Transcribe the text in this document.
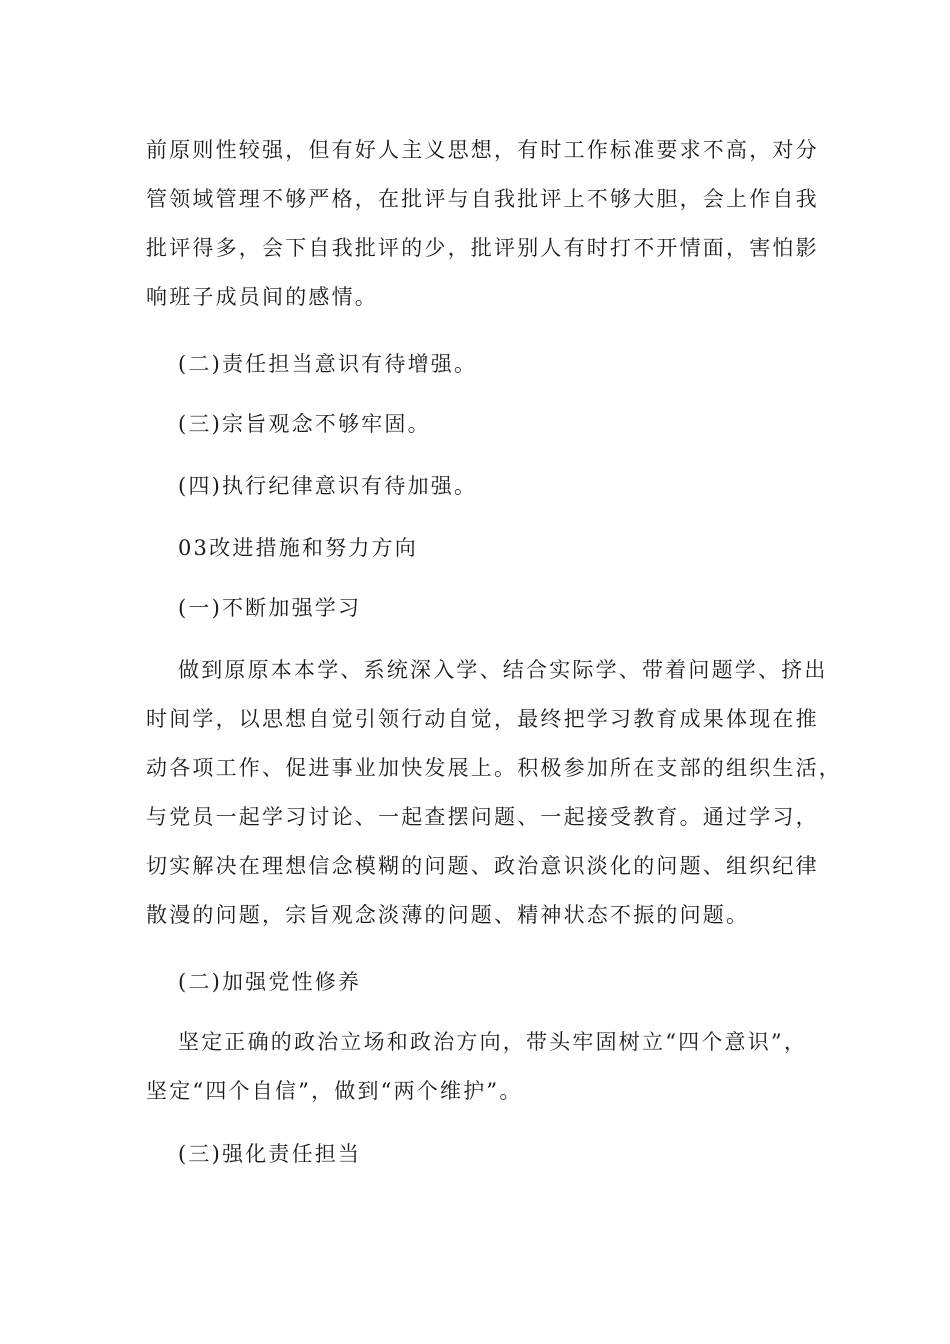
前原则性较强，但有好人主义思想，有时工作标准要求不高，对分
管领域管理不够严格，在批评与自我批评上不够大胆，会上作自我
批评得多，会下自我批评的少，批评别人有时打不开情面，害怕影
响班子成员间的感情。

(二)责任担当意识有待增强。

(三)宗旨观念不够牢固。

(四)执行纪律意识有待加强。

03改进措施和努力方向

(一)不断加强学习

做到原原本本学、系统深入学、结合实际学、带着问题学、挤出
时间学，以思想自觉引领行动自觉，最终把学习教育成果体现在推
动各项工作、促进事业加快发展上。积极参加所在支部的组织生活，
与党员一起学习讨论、一起查摆问题、一起接受教育。通过学习，
切实解决在理想信念模糊的问题、政治意识淡化的问题、组织纪律
散漫的问题，宗旨观念淡薄的问题、精神状态不振的问题。

(二)加强党性修养

坚定正确的政治立场和政治方向，带头牢固树立“四个意识”，
坚定“四个自信”，做到“两个维护”。

(三)强化责任担当
